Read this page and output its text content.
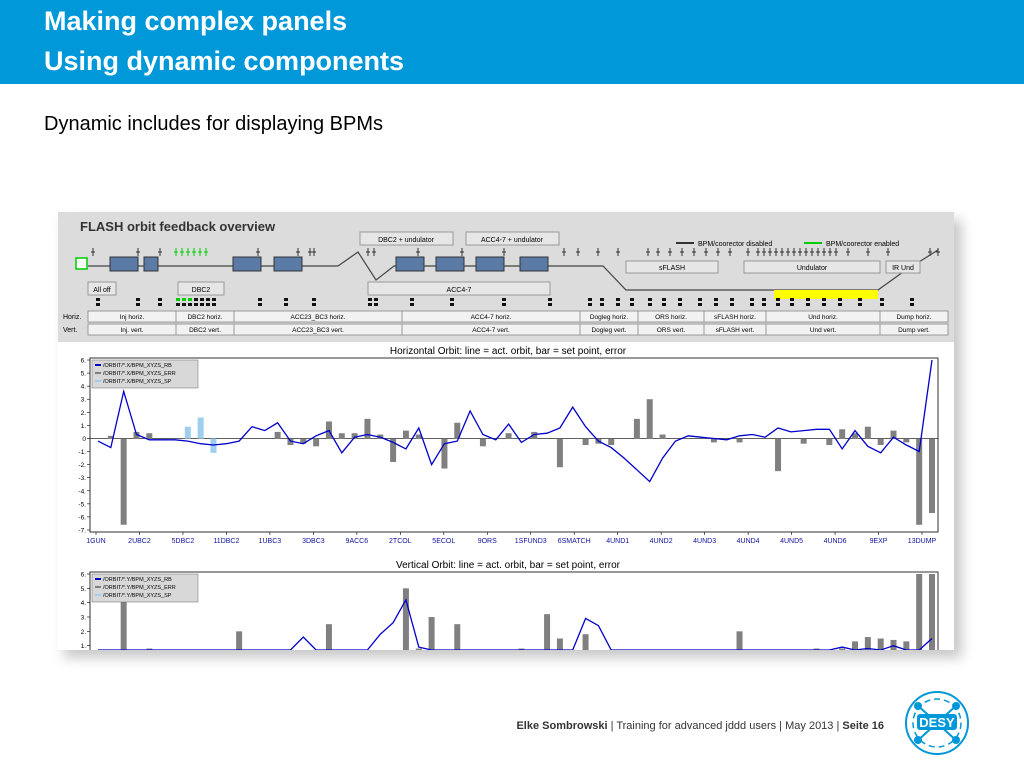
Making complex panels
Using dynamic components
Dynamic includes for displaying BPMs
FLASH orbit feedback overview
DBC2 + undulator	ACC4-7 + undulator
BPM/coorector disabled	BPM/coorector enabled
sFLASH	Undulator	IR Und
All off	DBC2	ACC4-7
Horiz.
Vert.
Inj horiz.	DBC2 horiz.	ACC23_BC3 horiz.	ACC4-7 horiz.	Dogleg horiz.	ORS horiz.	sFLASH horiz.	Und horiz.	Dump horiz.
Inj. vert.	DBC2 vert.	ACC23_BC3 vert.	ACC4-7 vert.	Dogleg vert.	ORS vert.	sFLASH vert.	Und vert.	Dump vert.
Horizontal Orbit: line = act. orbit, bar = set point, error
6.
5.
4.
3.
2.
1.
0
-1.
-2.
-3.
-4.
-5.
-6.
-7.
/ORBIT/*.X/BPM_XYZS_RB
/ORBIT/*.X/BPM_XYZS_ERR
/ORBIT/*.X/BPM_XYZS_SP
1GUN	2UBC2	5DBC2	11DBC2	1UBC3	3DBC3	9ACC6	2TCOL	5ECOL	9ORS	1SFUND3 6SMATCH 4UND1	4UND2	4UND3	4UND4	4UND5	4UND6	9EXP	13DUMP
Vertical Orbit: line = act. orbit, bar = set point, error
6.
5.
4.
3.
2.
1.
/ORBIT/*.Y/BPM_XYZS_RB
/ORBIT/*.Y/BPM_XYZS_ERR
/ORBIT/*.Y/BPM_XYZS_SP
Elke Sombrowski | Training for advanced jddd users | May 2013 | Seite 16	DESY
